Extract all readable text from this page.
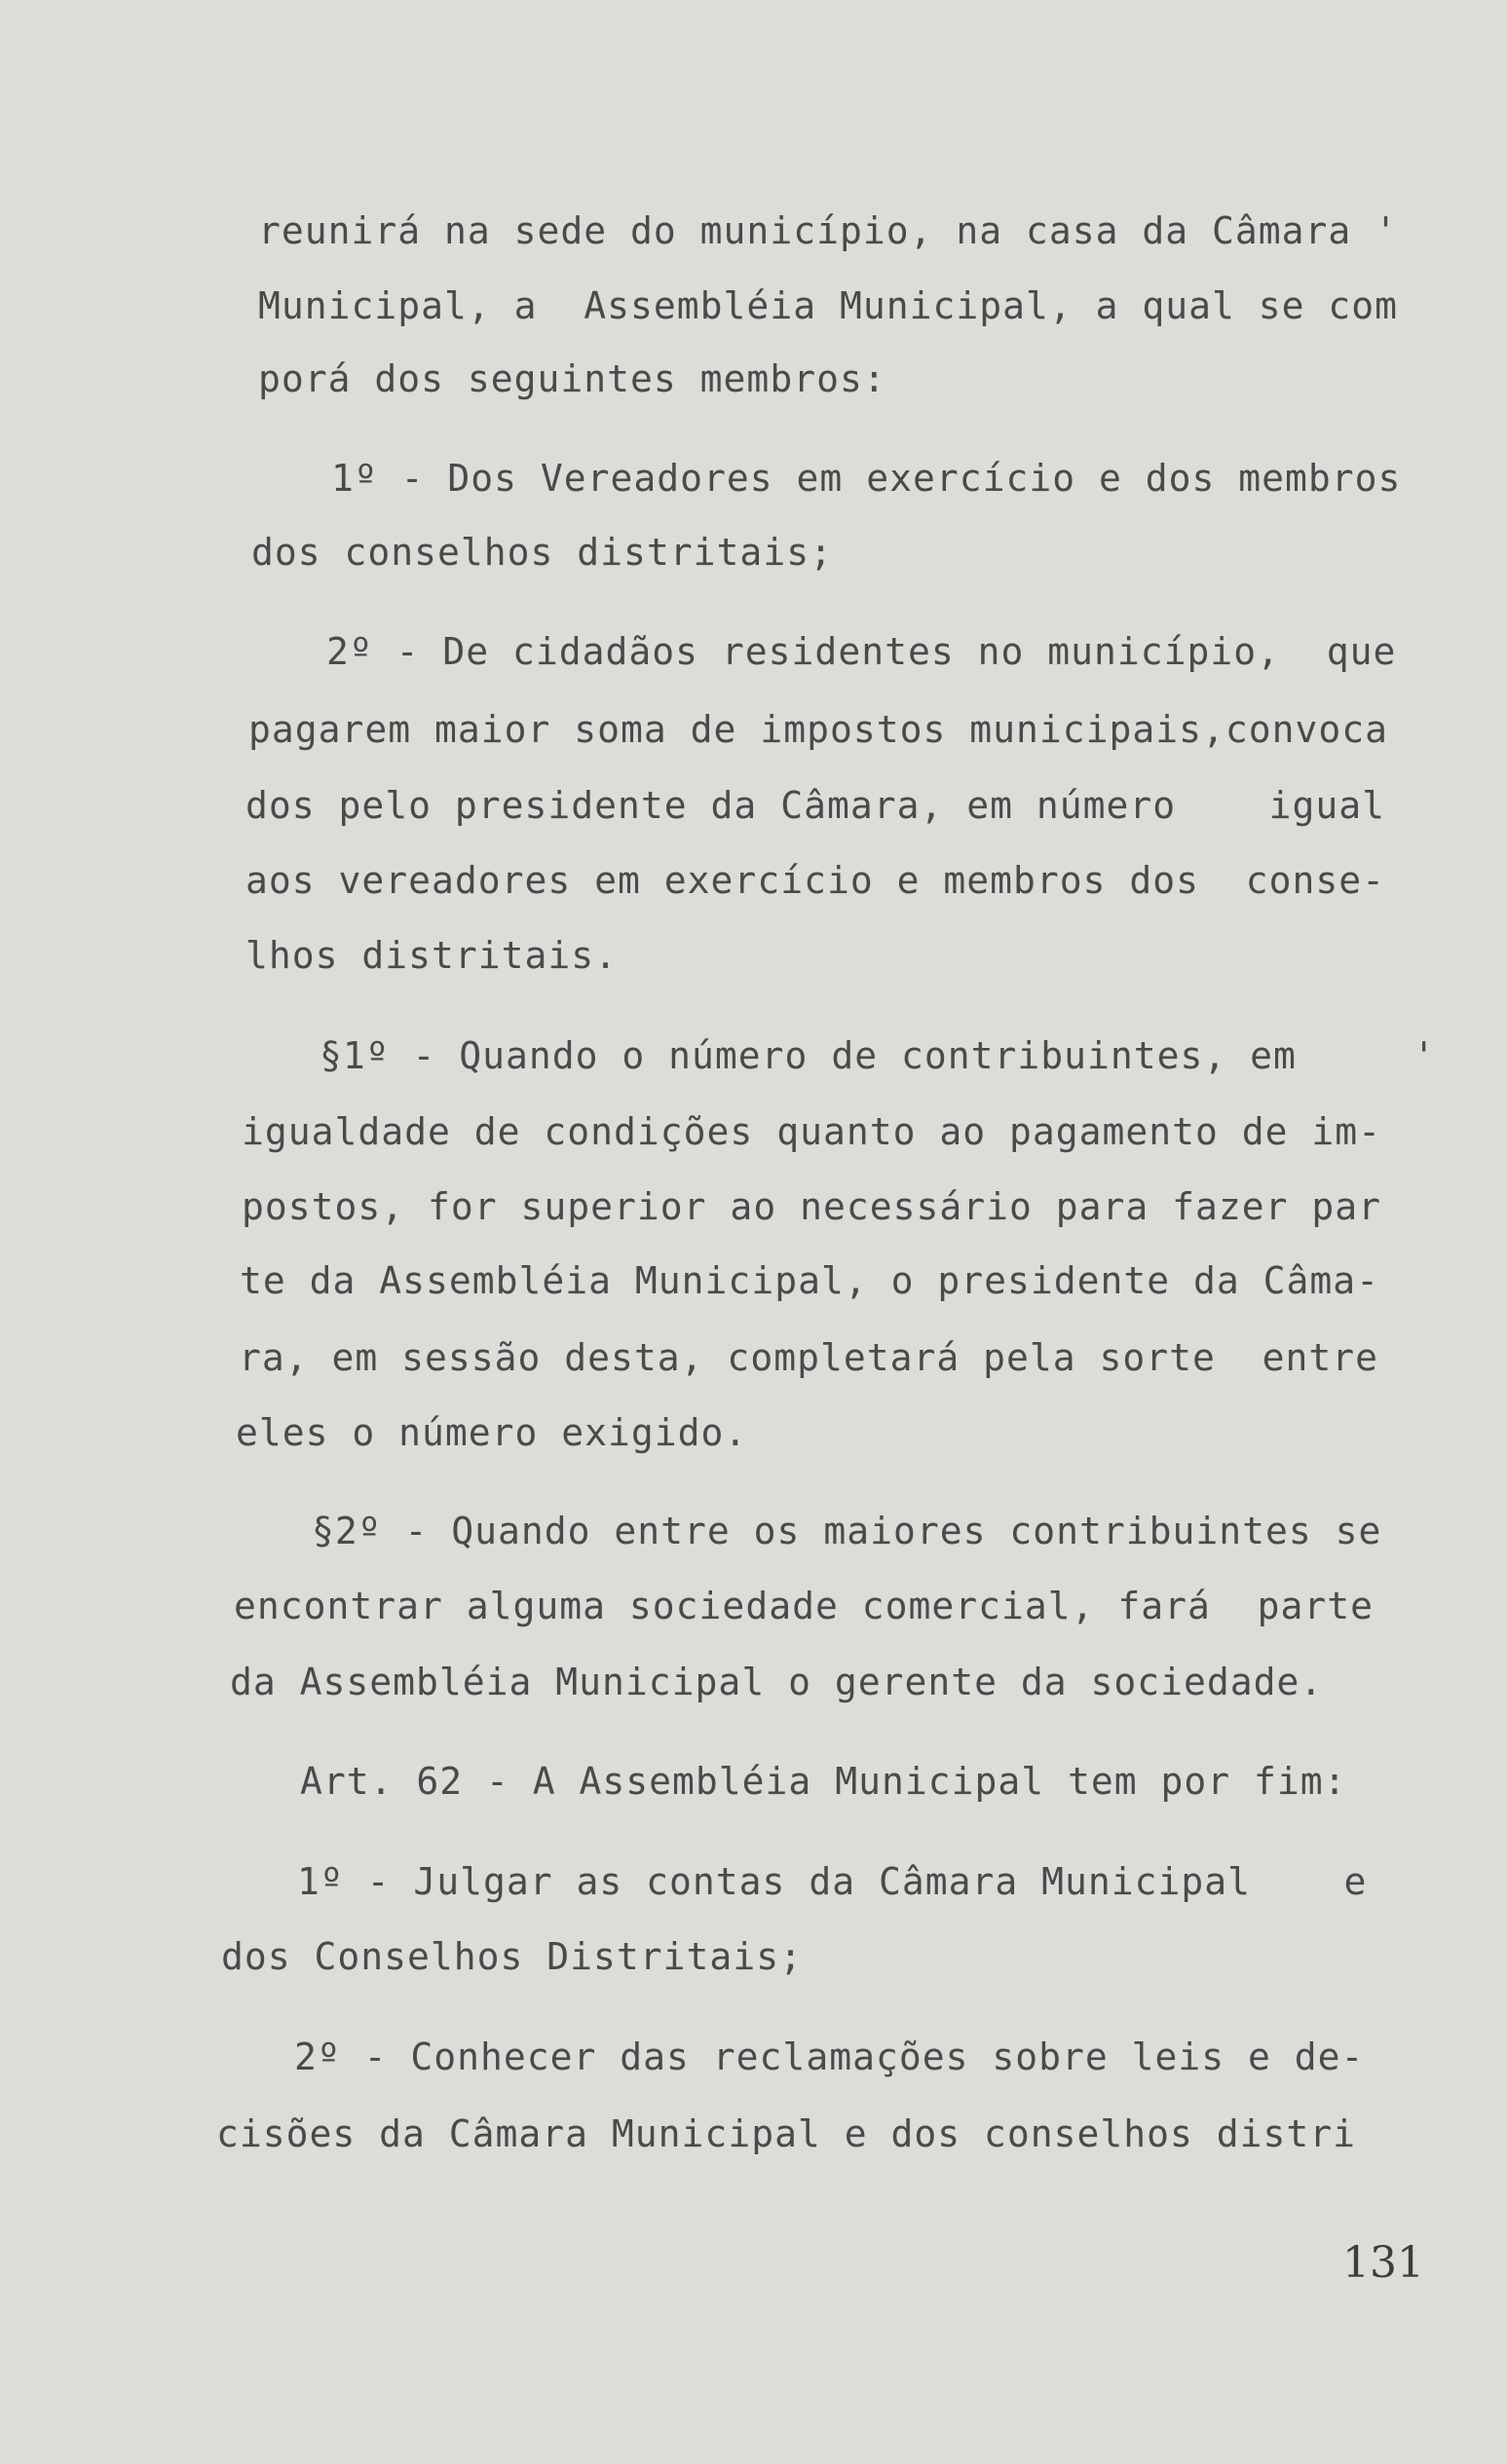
reunirá na sede do município, na casa da Câmara '
Municipal, a  Assembléia Municipal, a qual se com
porá dos seguintes membros:
1º - Dos Vereadores em exercício e dos membros
dos conselhos distritais;
2º - De cidadãos residentes no município,  que
pagarem maior soma de impostos municipais,convoca
dos pelo presidente da Câmara, em número    igual
aos vereadores em exercício e membros dos  conse-
lhos distritais.
§1º - Quando o número de contribuintes, em     '
igualdade de condições quanto ao pagamento de im-
postos, for superior ao necessário para fazer par
te da Assembléia Municipal, o presidente da Câma-
ra, em sessão desta, completará pela sorte  entre
eles o número exigido.
§2º - Quando entre os maiores contribuintes se
encontrar alguma sociedade comercial, fará  parte
da Assembléia Municipal o gerente da sociedade.
Art. 62 - A Assembléia Municipal tem por fim:
1º - Julgar as contas da Câmara Municipal    e
dos Conselhos Distritais;
2º - Conhecer das reclamações sobre leis e de-
cisões da Câmara Municipal e dos conselhos distri
131
